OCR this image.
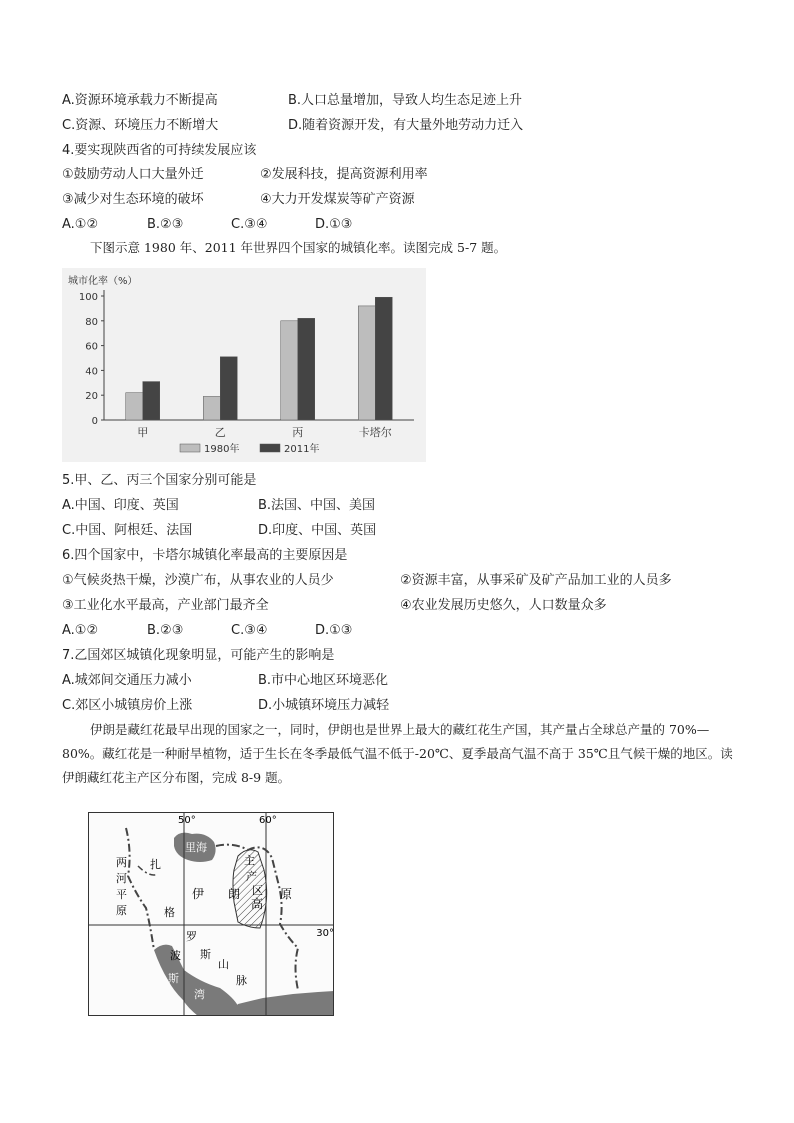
A.资源环境承载力不断提高	B.人口总量增加，导致人均生态足迹上升
C.资源、环境压力不断增大	D.随着资源开发，有大量外地劳动力迁入
4.要实现陕西省的可持续发展应该
①鼓励劳动人口大量外迁	②发展科技，提高资源利用率
③减少对生态环境的破坏	④大力开发煤炭等矿产资源
A.①②	B.②③	C.③④	D.①③
下图示意 1980 年、2011 年世界四个国家的城镇化率。读图完成 5-7 题。
城市化率（%）
0
20
40
60
80
100
甲	乙	丙	卡塔尔
1980年	2011年
5.甲、乙、丙三个国家分别可能是
A.中国、印度、英国	B.法国、中国、美国
C.中国、阿根廷、法国	D.印度、中国、英国
6.四个国家中，卡塔尔城镇化率最高的主要原因是
①气候炎热干燥，沙漠广布，从事农业的人员少	②资源丰富，从事采矿及矿产品加工业的人员多
③工业化水平最高，产业部门最齐全	④农业发展历史悠久，人口数量众多
A.①②	B.②③	C.③④	D.①③
7.乙国郊区城镇化现象明显，可能产生的影响是
A.城郊间交通压力减小	B.市中心地区环境恶化
C.郊区小城镇房价上涨	D.小城镇环境压力减轻
伊朗是藏红花最早出现的国家之一，同时，伊朗也是世界上最大的藏红花生产国，其产量占全球总产量的 70%—80%。藏红花是一种耐旱植物，适于生长在冬季最低气温不低于-20℃、夏季最高气温不高于 35℃且气候干燥的地区。读伊朗藏红花主产区分布图，完成 8-9 题。
50°	60°
30°
里海
波
斯
湾
两
河
平
原
扎
格
罗
斯
山
脉
伊 朗
高
原
主
产
区
